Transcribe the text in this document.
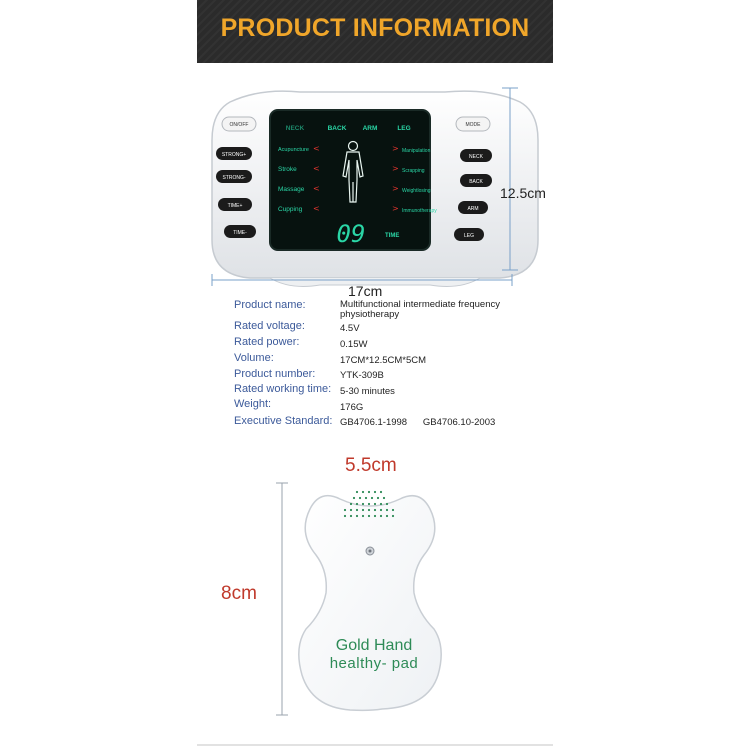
PRODUCT INFORMATION
NECK	BACK ARM	LEG
Acupuncture
Stroke
Massage
Cupping
Manipulation
Scrapping
Weightlosing
Immunotherapy
<
<
<
<
>
>
>
>
09	TIME
ON/OFF
STRONG+
STRONG-
TIME+
TIME-
MODE
NECK
BACK
ARM
LEG
12.5cm
17cm
Product name:	Multifunctional intermediate frequency
physiotherapy
Rated voltage:	4.5V
Rated power:	0.15W
Volume:	17CM*12.5CM*5CM
Product number:	YTK-309B
Rated working time: 5-30 minutes
Weight:	176G
Executive Standard: GB4706.1-1998      GB4706.10-2003
5.5cm
8cm
Gold Hand
healthy- pad
